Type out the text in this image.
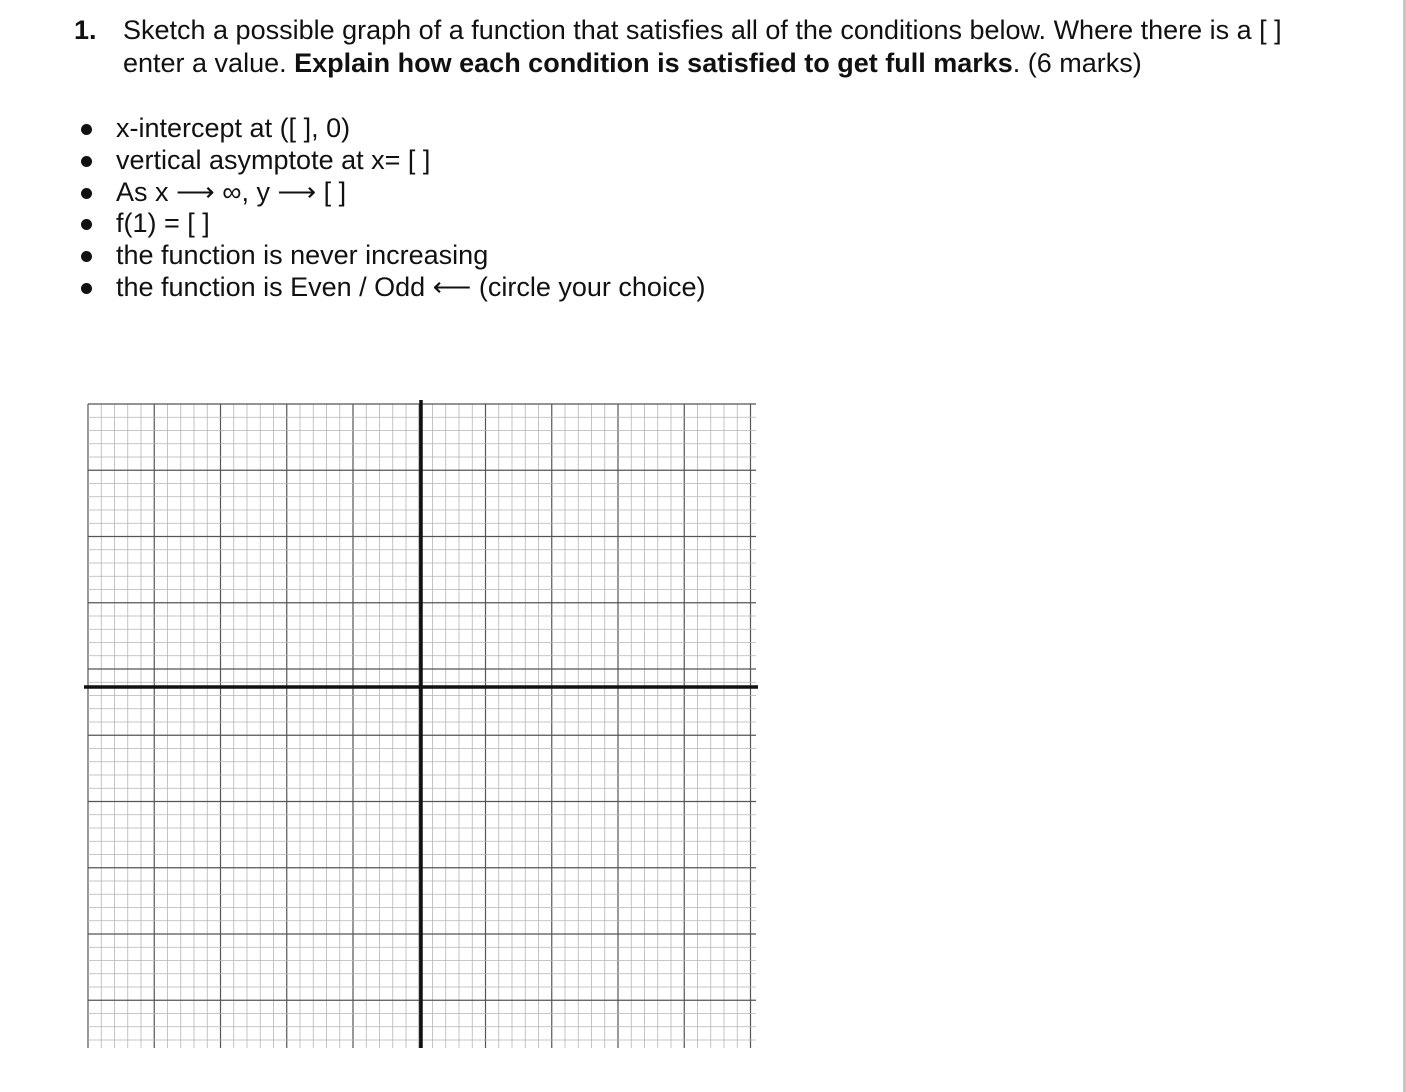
1. Sketch a possible graph of a function that satisfies all of the conditions below. Where there is a [ ] enter a value. Explain how each condition is satisfied to get full marks. (6 marks)
x-intercept at ([ ], 0)
vertical asymptote at x= [ ]
As x ⟶ ∞, y ⟶ [ ]
f(1) = [ ]
the function is never increasing
the function is Even / Odd ⟵ (circle your choice)
